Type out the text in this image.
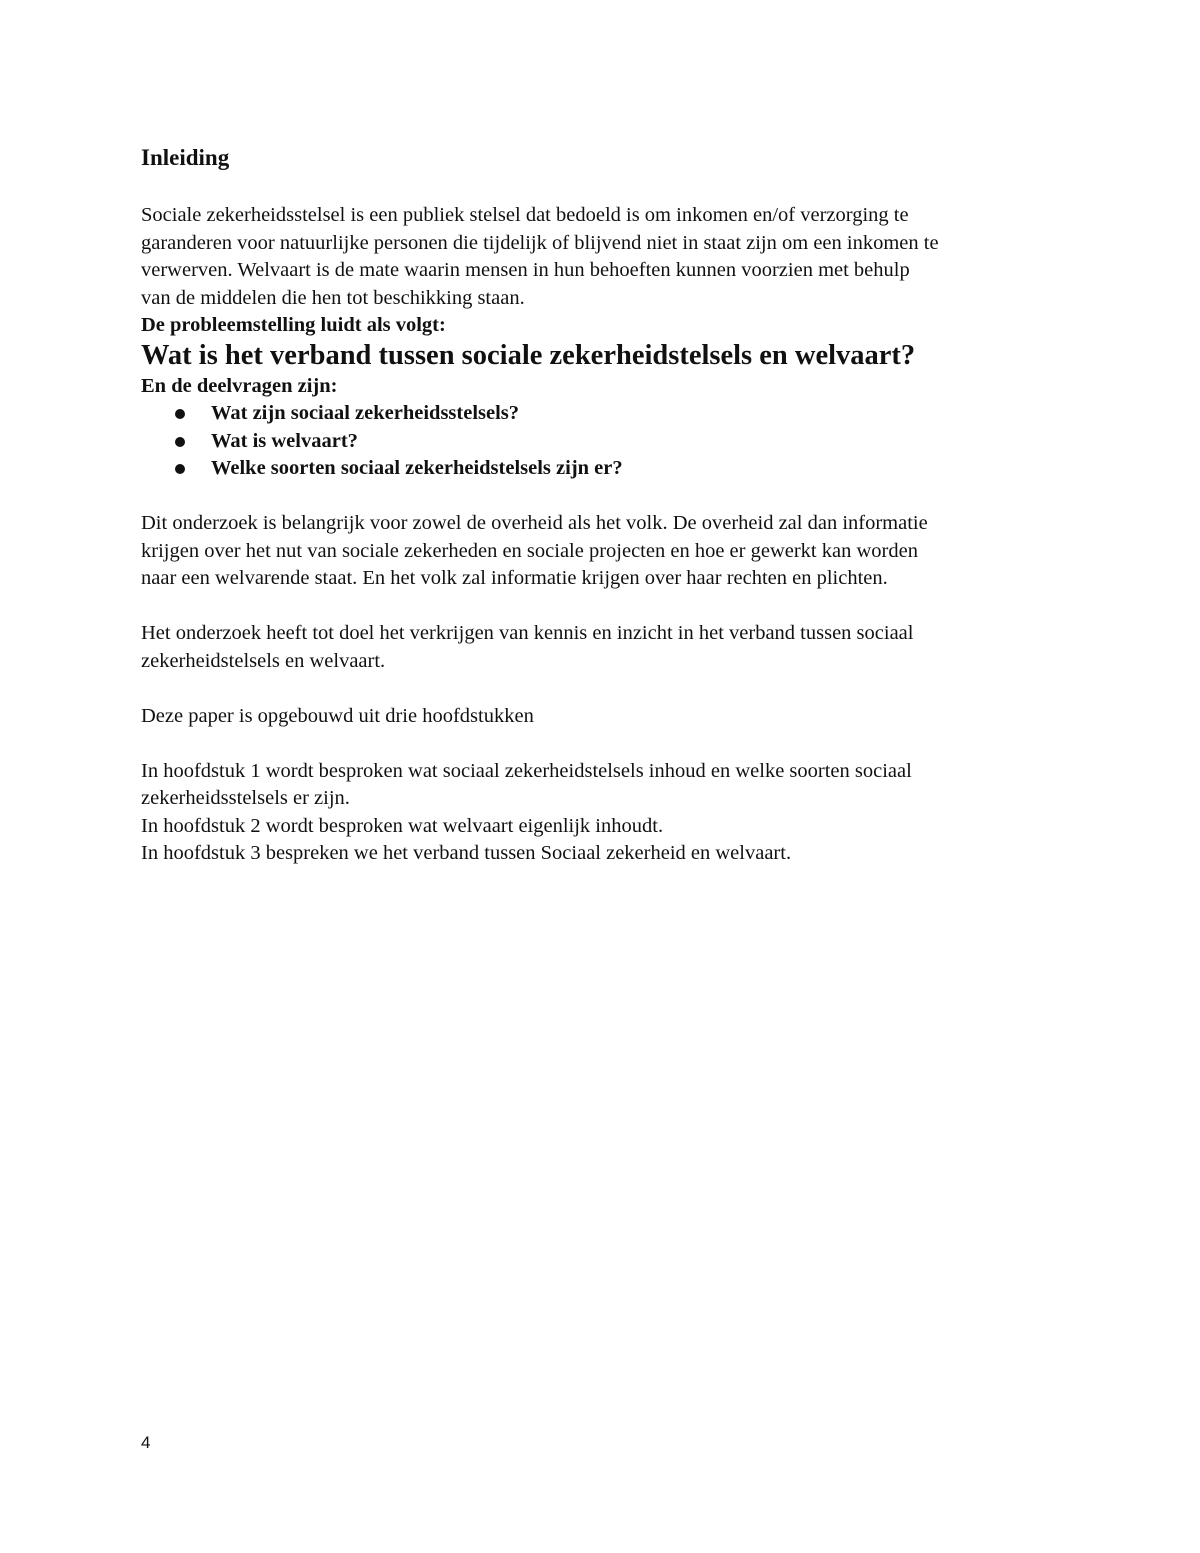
Inleiding

Sociale zekerheidsstelsel is een publiek stelsel dat bedoeld is om inkomen en/of verzorging te

garanderen voor natuurlijke personen die tijdelijk of blijvend niet in staat zijn om een inkomen te

verwerven. Welvaart is de mate waarin mensen in hun behoeften kunnen voorzien met behulp

van de middelen die hen tot beschikking staan.

De probleemstelling luidt als volgt:

Wat is het verband tussen sociale zekerheidstelsels en welvaart?

En de deelvragen zijn:

Wat zijn sociaal zekerheidsstelsels?
Wat is welvaart?
Welke soorten sociaal zekerheidstelsels zijn er?

Dit onderzoek is belangrijk voor zowel de overheid als het volk. De overheid zal dan informatie

krijgen over het nut van sociale zekerheden en sociale projecten en hoe er gewerkt kan worden

naar een welvarende staat. En het volk zal informatie krijgen over haar rechten en plichten.

Het onderzoek heeft tot doel het verkrijgen van kennis en inzicht in het verband tussen sociaal

zekerheidstelsels en welvaart.

Deze paper is opgebouwd uit drie hoofdstukken

In hoofdstuk 1 wordt besproken wat sociaal zekerheidstelsels inhoud en welke soorten sociaal

zekerheidsstelsels er zijn.

In hoofdstuk 2 wordt besproken wat welvaart eigenlijk inhoudt.

In hoofdstuk 3 bespreken we het verband tussen Sociaal zekerheid en welvaart.

4
